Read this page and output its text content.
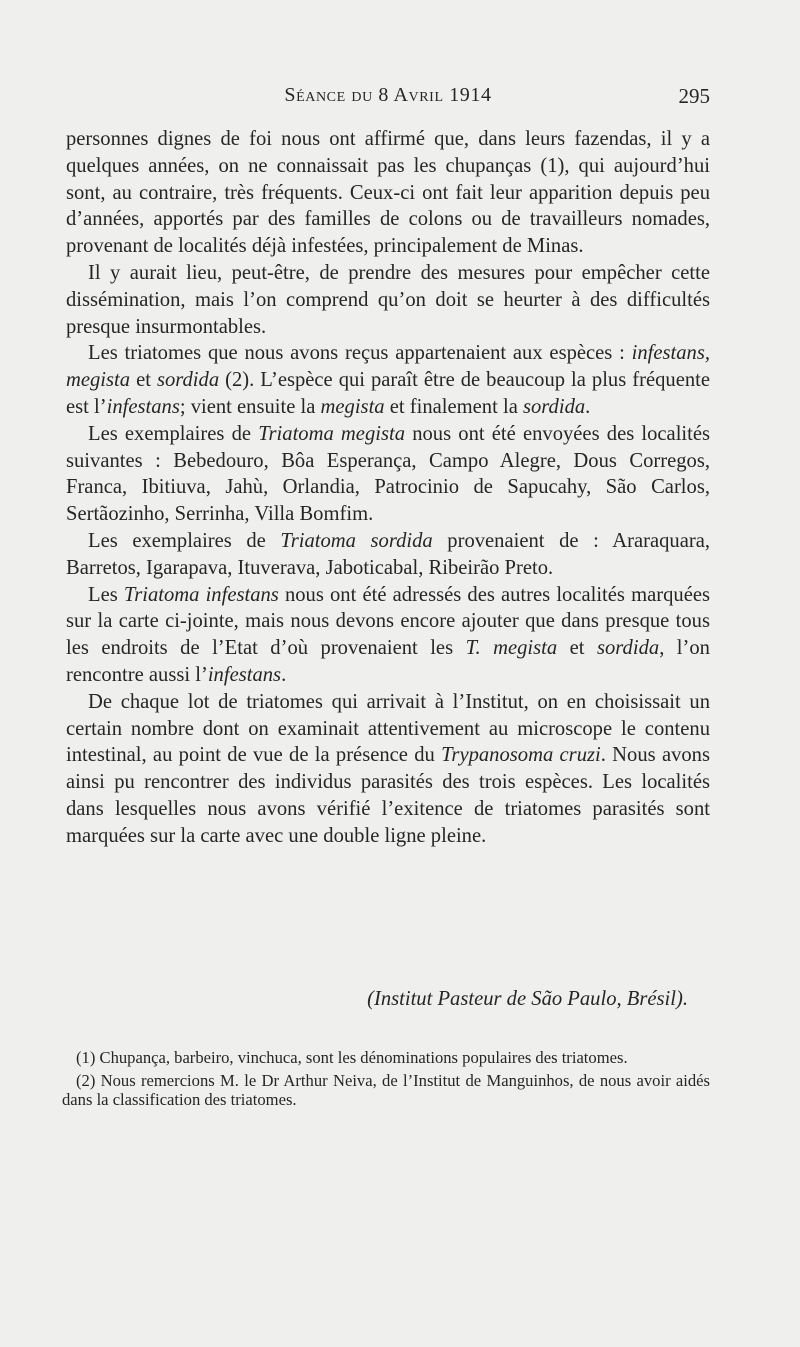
Séance du 8 Avril 1914	295

personnes dignes de foi nous ont affirmé que, dans leurs fazendas, il y a quelques années, on ne connaissait pas les chupanças (1), qui aujourd’hui sont, au contraire, très fréquents. Ceux-ci ont fait leur apparition depuis peu d’années, apportés par des familles de colons ou de travailleurs nomades, provenant de localités déjà infestées, principalement de Minas.

Il y aurait lieu, peut-être, de prendre des mesures pour empêcher cette dissémination, mais l’on comprend qu’on doit se heurter à des difficultés presque insurmontables.

Les triatomes que nous avons reçus appartenaient aux espèces : infestans, megista et sordida (2). L’espèce qui paraît être de beaucoup la plus fréquente est l’infestans; vient ensuite la megista et finalement la sordida.

Les exemplaires de Triatoma megista nous ont été envoyées des localités suivantes : Bebedouro, Bôa Esperança, Campo Alegre, Dous Corregos, Franca, Ibitiuva, Jahù, Orlandia, Patrocinio de Sapucahy, São Carlos, Sertãozinho, Serrinha, Villa Bomfim.

Les exemplaires de Triatoma sordida provenaient de : Araraquara, Barretos, Igarapava, Ituverava, Jaboticabal, Ribeirão Preto.

Les Triatoma infestans nous ont été adressés des autres localités marquées sur la carte ci-jointe, mais nous devons encore ajouter que dans presque tous les endroits de l’Etat d’où provenaient les T. megista et sordida, l’on rencontre aussi l’infestans.

De chaque lot de triatomes qui arrivait à l’Institut, on en choisissait un certain nombre dont on examinait attentivement au microscope le contenu intestinal, au point de vue de la présence du Trypanosoma cruzi. Nous avons ainsi pu rencontrer des individus parasités des trois espèces. Les localités dans lesquelles nous avons vérifié l’exitence de triatomes parasités sont marquées sur la carte avec une double ligne pleine.

(Institut Pasteur de São Paulo, Brésil).

(1) Chupança, barbeiro, vinchuca, sont les dénominations populaires des triatomes.

(2) Nous remercions M. le Dr Arthur Neiva, de l’Institut de Manguinhos, de nous avoir aidés dans la classification des triatomes.
